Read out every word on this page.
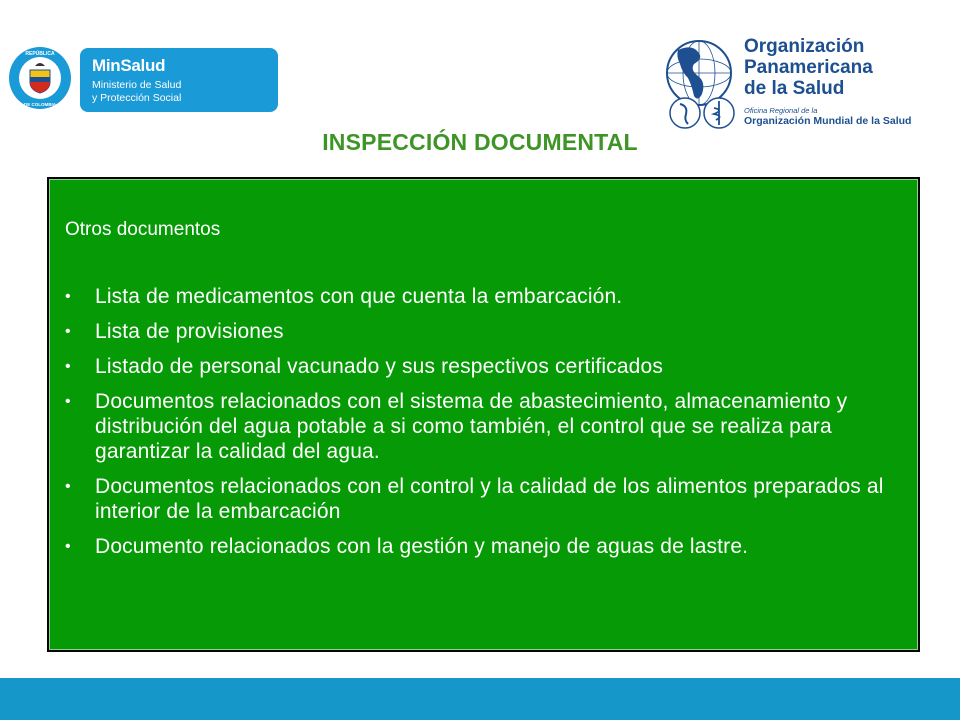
REPÚBLICA
DE COLOMBIA
MinSalud
Ministerio de Salud
y Protección Social
Organización
Panamericana
de la Salud
Oficina Regional de la
Organización Mundial de la Salud
INSPECCIÓN DOCUMENTAL
Otros documentos
• Lista de medicamentos con que cuenta la embarcación.
• Lista de provisiones
• Listado de personal vacunado y sus respectivos certificados
• Documentos relacionados con el sistema de abastecimiento, almacenamiento y distribución del agua potable a si como también, el control que se realiza para garantizar la calidad del agua.
• Documentos relacionados con el control y la calidad de los alimentos preparados al interior de la embarcación
• Documento relacionados con la gestión y manejo de aguas de lastre.
